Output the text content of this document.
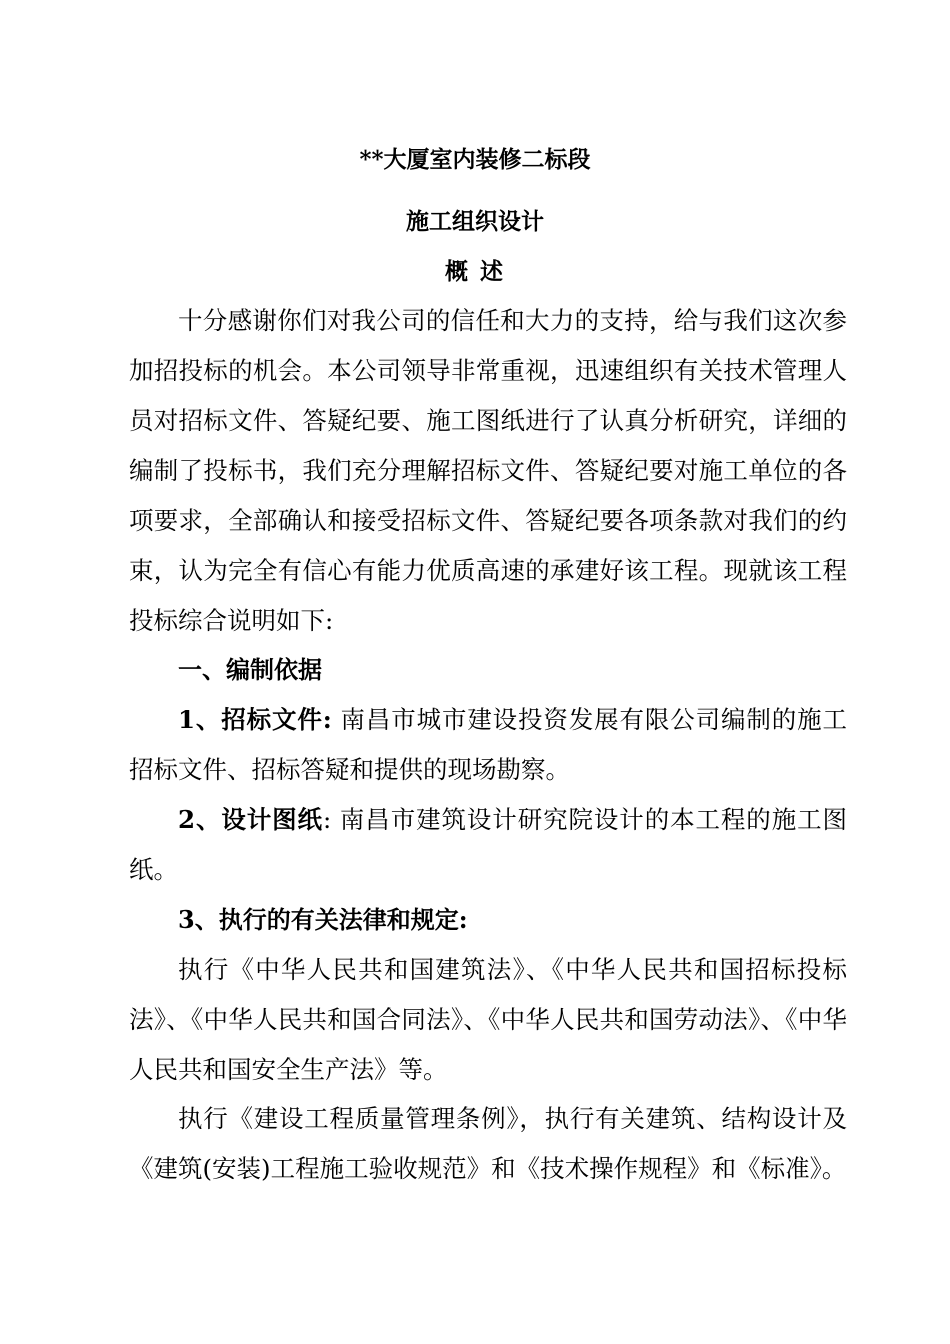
**大厦室内装修二标段
施工组织设计
概 述

十分感谢你们对我公司的信任和大力的支持，给与我们这次参加招投标的机会。本公司领导非常重视，迅速组织有关技术管理人员对招标文件、答疑纪要、施工图纸进行了认真分析研究，详细的编制了投标书，我们充分理解招标文件、答疑纪要对施工单位的各项要求，全部确认和接受招标文件、答疑纪要各项条款对我们的约束，认为完全有信心有能力优质高速的承建好该工程。现就该工程投标综合说明如下:

一、编制依据

1、招标文件: 南昌市城市建设投资发展有限公司编制的施工招标文件、招标答疑和提供的现场勘察。

2、设计图纸: 南昌市建筑设计研究院设计的本工程的施工图纸。

3、执行的有关法律和规定:

执行《中华人民共和国建筑法》、《中华人民共和国招标投标法》、《中华人民共和国合同法》、《中华人民共和国劳动法》、《中华人民共和国安全生产法》等。

执行《建设工程质量管理条例》，执行有关建筑、结构设计及《建筑(安装)工程施工验收规范》和《技术操作规程》和《标准》。
